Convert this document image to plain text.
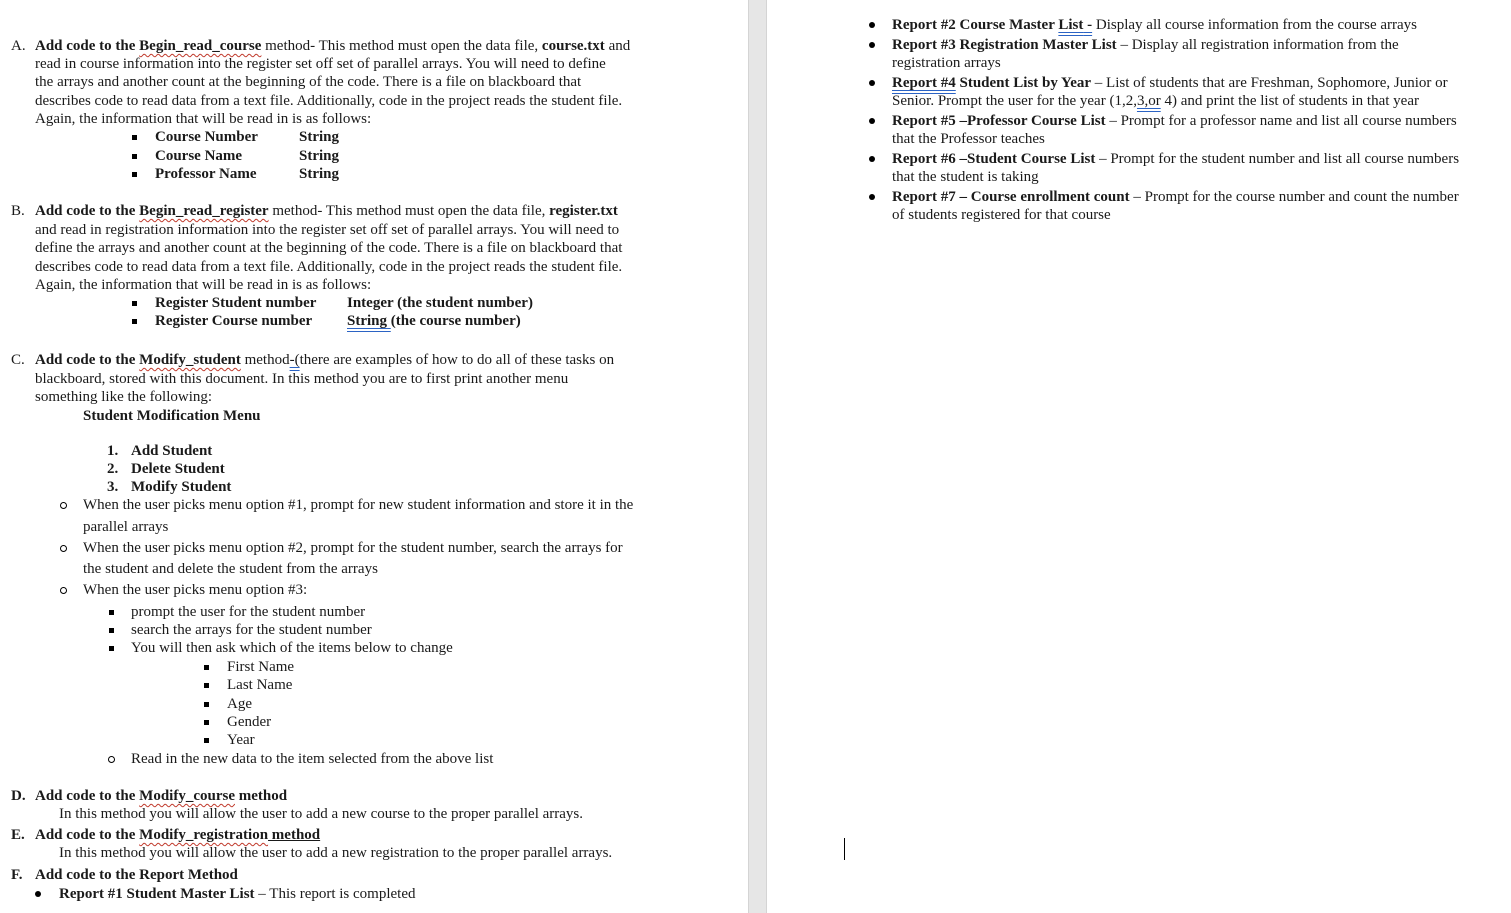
A. Add code to the Begin_read_course method- This method must open the data file, course.txt and
read in course information into the register set off set of parallel arrays. You will need to define
the arrays and another count at the beginning of the code. There is a file on blackboard that
describes code to read data from a text file. Additionally, code in the project reads the student file.
Again, the information that will be read in is as follows:
Course Number	String
Course Name	String
Professor Name	String
B. Add code to the Begin_read_register method- This method must open the data file, register.txt
and read in registration information into the register set off set of parallel arrays. You will need to
define the arrays and another count at the beginning of the code. There is a file on blackboard that
describes code to read data from a text file. Additionally, code in the project reads the student file.
Again, the information that will be read in is as follows:
Register Student number Integer (the student number)
Register Course number String (the course number)
C. Add code to the Modify_student method-(there are examples of how to do all of these tasks on
blackboard, stored with this document. In this method you are to first print another menu
something like the following:
Student Modification Menu
1. Add Student
2. Delete Student
3. Modify Student
When the user picks menu option #1, prompt for new student information and store it in the
parallel arrays
When the user picks menu option #2, prompt for the student number, search the arrays for
the student and delete the student from the arrays
When the user picks menu option #3:
prompt the user for the student number
search the arrays for the student number
You will then ask which of the items below to change
First Name
Last Name
Age
Gender
Year
Read in the new data to the item selected from the above list
D. Add code to the Modify_course method
In this method you will allow the user to add a new course to the proper parallel arrays.
E. Add code to the Modify_registration method
In this method you will allow the user to add a new registration to the proper parallel arrays.
F. Add code to the Report Method
Report #1 Student Master List – This report is completed
Report #2 Course Master List - Display all course information from the course arrays
Report #3 Registration Master List – Display all registration information from the
registration arrays
Report #4 Student List by Year – List of students that are Freshman, Sophomore, Junior or
Senior. Prompt the user for the year (1,2,3,or 4) and print the list of students in that year
Report #5 –Professor Course List – Prompt for a professor name and list all course numbers
that the Professor teaches
Report #6 –Student Course List – Prompt for the student number and list all course numbers
that the student is taking
Report #7 – Course enrollment count – Prompt for the course number and count the number
of students registered for that course
